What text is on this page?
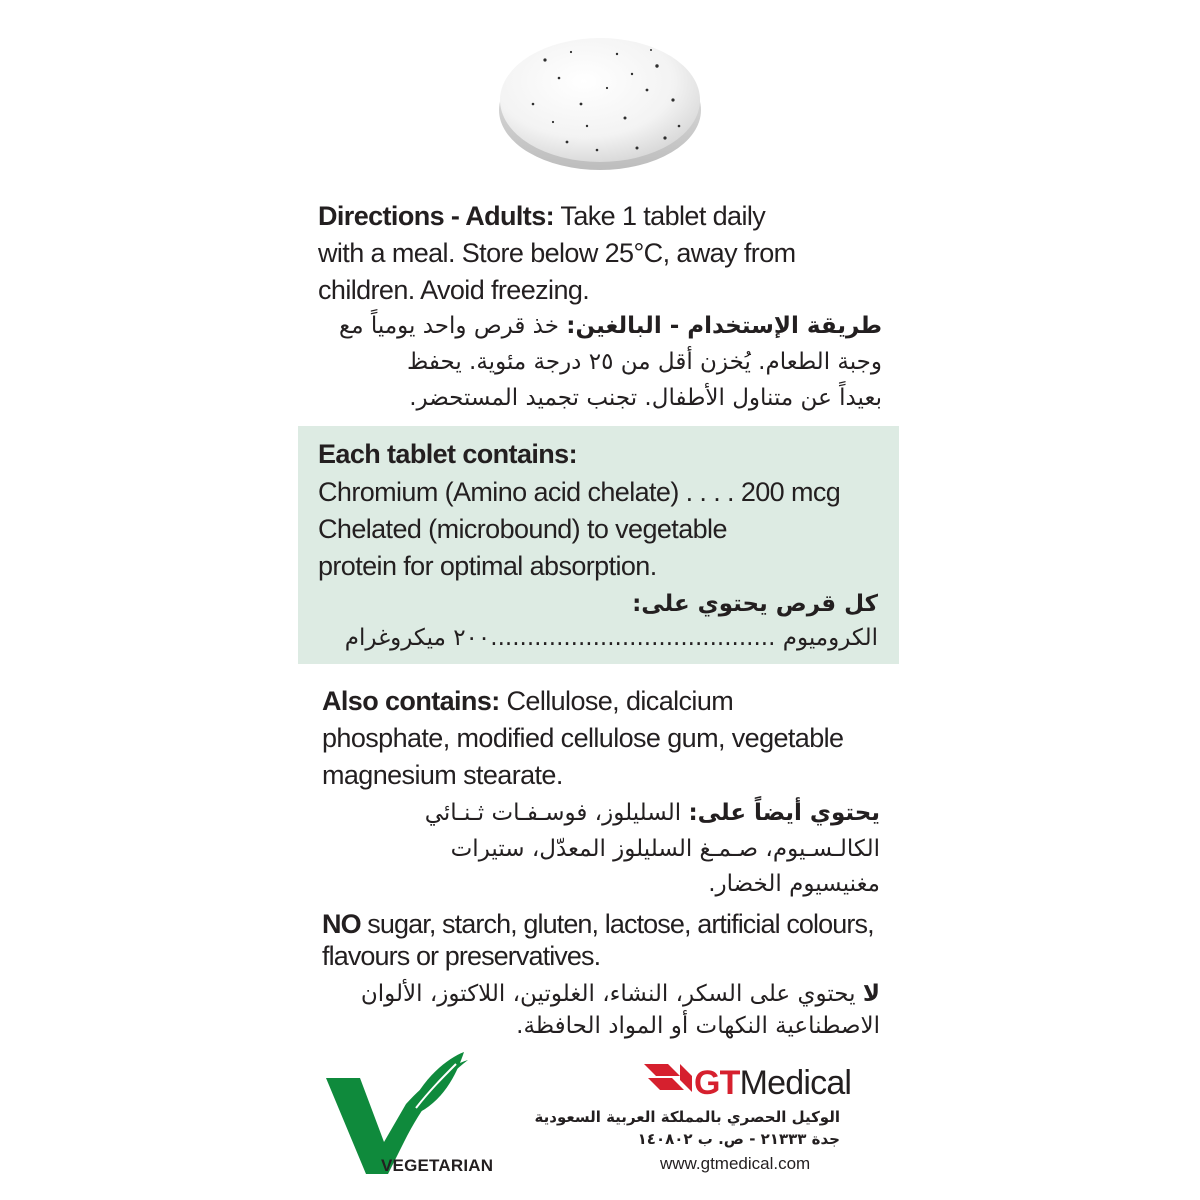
Directions - Adults: Take 1 tablet daily
with a meal. Store below 25°C, away from
children. Avoid freezing.
طريقة الإستخدام - البالغين: خذ قرص واحد يومياً مع
وجبة الطعام. يُخزن أقل من ٢٥ درجة مئوية. يحفظ
بعيداً عن متناول الأطفال. تجنب تجميد المستحضر.
Each tablet contains:
Chromium (Amino acid chelate) . . . . 200 mcg
Chelated (microbound) to vegetable
protein for optimal absorption.
كل قرص يحتوي على:
الكروميوم .......................................٢٠٠ ميكروغرام
Also contains: Cellulose, dicalcium
phosphate, modified cellulose gum, vegetable
magnesium stearate.
يحتوي أيضاً على: السليلوز، فوسـفـات ثـنـائي
الكالـسـيوم، صـمـغ السليلوز المعدّل، ستيرات
مغنيسيوم الخضار.
NO sugar, starch, gluten, lactose, artificial colours,
flavours or preservatives.
لا يحتوي على السكر، النشاء، الغلوتين، اللاكتوز، الألوان
الاصطناعية النكهات أو المواد الحافظة.
VEGETARIAN
GTMedical
الوكيل الحصري بالمملكة العربية السعودية
جدة ٢١٣٣٣ - ص. ب ١٤٠٨٠٢
www.gtmedical.com
